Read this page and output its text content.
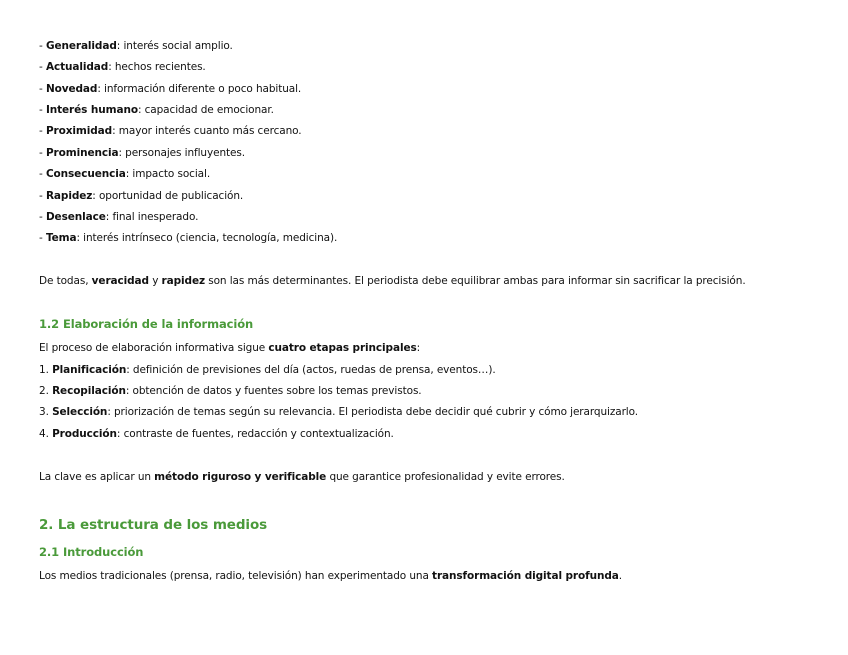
- Generalidad: interés social amplio.
- Actualidad: hechos recientes.
- Novedad: información diferente o poco habitual.
- Interés humano: capacidad de emocionar.
- Proximidad: mayor interés cuanto más cercano.
- Prominencia: personajes influyentes.
- Consecuencia: impacto social.
- Rapidez: oportunidad de publicación.
- Desenlace: final inesperado.
- Tema: interés intrínseco (ciencia, tecnología, medicina).
De todas, veracidad y rapidez son las más determinantes. El periodista debe equilibrar ambas para informar sin sacrificar la precisión.
1.2 Elaboración de la información
El proceso de elaboración informativa sigue cuatro etapas principales:
1. Planificación: definición de previsiones del día (actos, ruedas de prensa, eventos…).
2. Recopilación: obtención de datos y fuentes sobre los temas previstos.
3. Selección: priorización de temas según su relevancia. El periodista debe decidir qué cubrir y cómo jerarquizarlo.
4. Producción: contraste de fuentes, redacción y contextualización.
La clave es aplicar un método riguroso y verificable que garantice profesionalidad y evite errores.
2. La estructura de los medios
2.1 Introducción
Los medios tradicionales (prensa, radio, televisión) han experimentado una transformación digital profunda.
